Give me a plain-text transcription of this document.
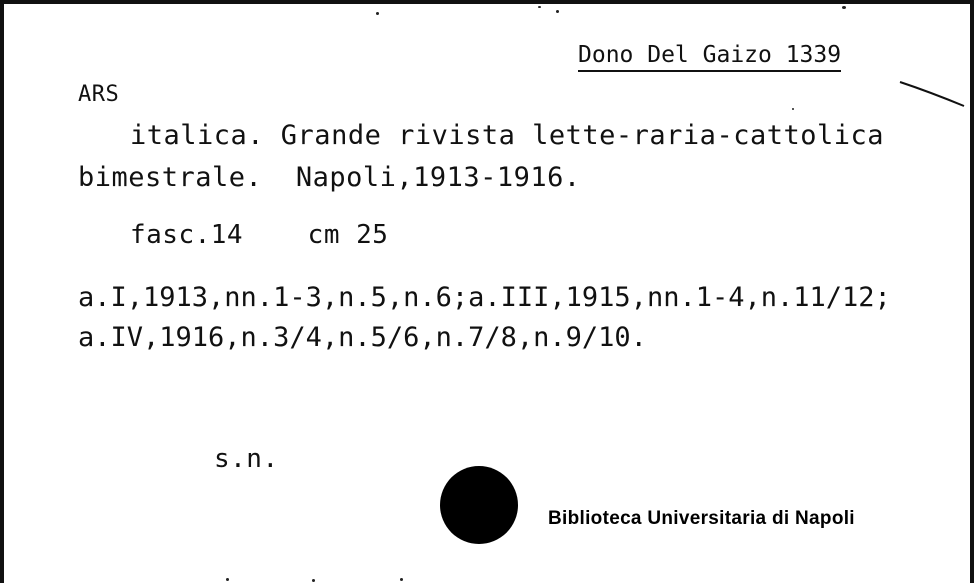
Dono Del Gaizo 1339
ARS
italica. Grande rivista lette-raria-cattolica
bimestrale.  Napoli,1913-1916.
fasc.14    cm 25
a.I,1913,nn.1-3,n.5,n.6;a.III,1915,nn.1-4,n.11/12;
a.IV,1916,n.3/4,n.5/6,n.7/8,n.9/10.
s.n.
Biblioteca Universitaria di Napoli
